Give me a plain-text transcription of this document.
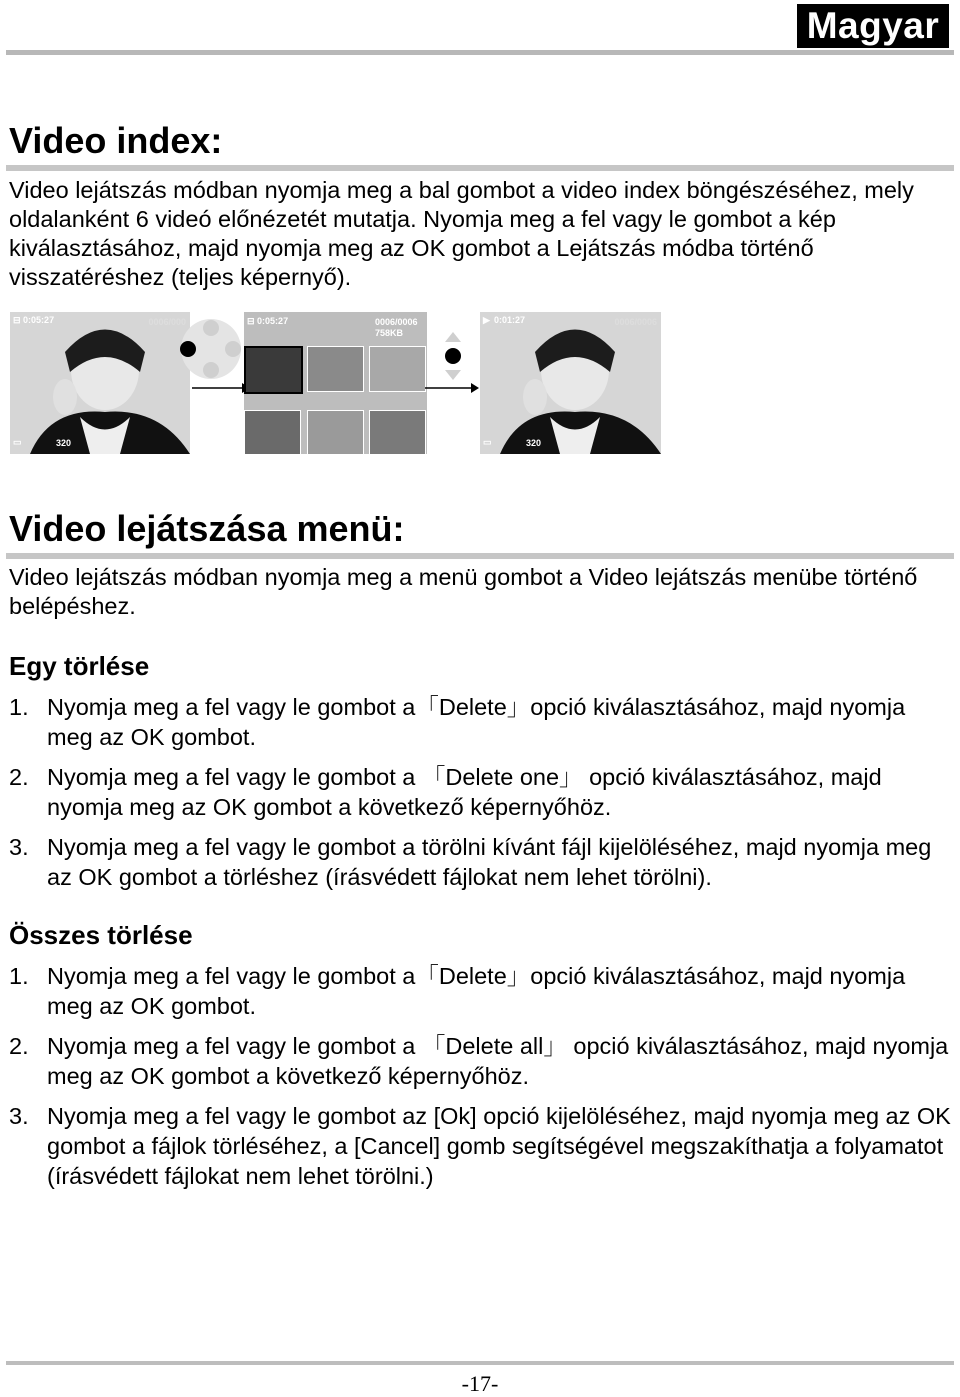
Magyar
Video index:

Video lejátszás módban nyomja meg a bal gombot a video index böngészéséhez, mely oldalanként 6 videó előnézetét mutatja. Nyomja meg a fel vagy le gombot a kép kiválasztásához, majd nyomja meg az OK gombot a Lejátszás módba történő visszatéréshez (teljes képernyő).

⊟ 0:05:27	0006/000
▭	320
⊟ 0:05:27	0006/0006
758KB
▶ 0:01:27	0006/0006
▭	320
Video lejátszása menü:

Video lejátszás módban nyomja meg a menü gombot a Video lejátszás menübe történő belépéshez.

Egy törlése
1. Nyomja meg a fel vagy le gombot a「Delete」opció kiválasztásához, majd nyomja meg az OK gombot.
2. Nyomja meg a fel vagy le gombot a 「Delete one」 opció kiválasztásához, majd nyomja meg az OK gombot a következő képernyőhöz.
3. Nyomja meg a fel vagy le gombot a törölni kívánt fájl kijelöléséhez, majd nyomja meg az OK gombot a törléshez (írásvédett fájlokat nem lehet törölni).
Összes törlése
1. Nyomja meg a fel vagy le gombot a「Delete」opció kiválasztásához, majd nyomja meg az OK gombot.
2. Nyomja meg a fel vagy le gombot a 「Delete all」 opció kiválasztásához, majd nyomja meg az OK gombot a következő képernyőhöz.
3. Nyomja meg a fel vagy le gombot az [Ok] opció kijelöléséhez, majd nyomja meg az OK gombot a fájlok törléséhez, a [Cancel] gomb segítségével megszakíthatja a folyamatot (írásvédett fájlokat nem lehet törölni.)
-17-
